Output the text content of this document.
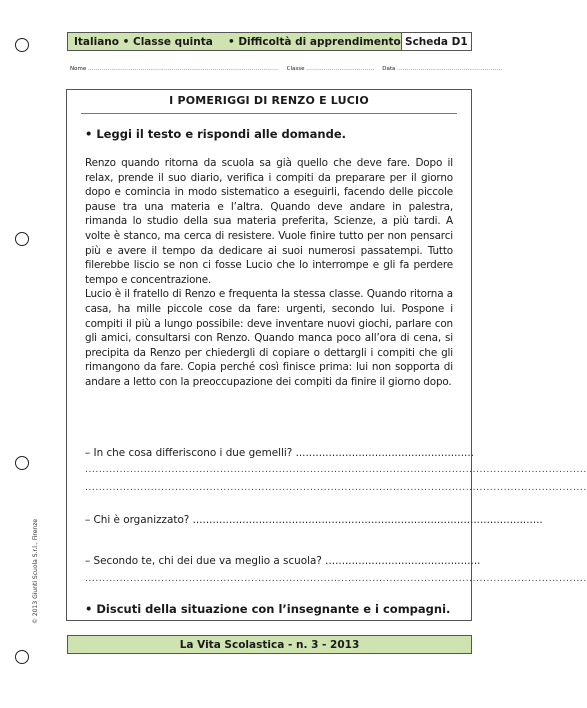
Italiano • Classe quinta	• Difficoltà di apprendimento Scheda D1
Nome .................................................................................................. Classe ................................... Data ......................................................
I POMERIGGI DI RENZO E LUCIO
• Leggi il testo e rispondi alle domande.

Renzo quando ritorna da scuola sa già quello che deve fare. Dopo il relax, prende il suo diario, verifica i compiti da preparare per il giorno dopo e comincia in modo sistematico a eseguirli, facendo delle piccole pause tra una materia e l’altra. Quando deve andare in palestra, rimanda lo studio della sua materia preferita, Scienze, a più tardi. A volte è stanco, ma cerca di resistere. Vuole finire tutto per non pensarci più e avere il tempo da dedicare ai suoi numerosi passatempi. Tutto filerebbe liscio se non ci fosse Lucio che lo interrompe e gli fa perdere tempo e concentrazione.

Lucio è il fratello di Renzo e frequenta la stessa classe. Quando ritorna a casa, ha mille piccole cose da fare: urgenti, secondo lui. Pospone i compiti il più a lungo possibile: deve inventare nuovi giochi, parlare con gli amici, consultarsi con Renzo. Quando manca poco all’ora di cena, si precipita da Renzo per chiedergli di copiare o dettargli i compiti che gli rimangono da fare. Copia perché così finisce prima: lui non sopporta di andare a letto con la preoccupazione dei compiti da finire il giorno dopo.

– In che cosa differiscono i due gemelli? ......................................................
.................................................................................................................................................
.................................................................................................................................................
– Chi è organizzato? ..........................................................................................................
– Secondo te, chi dei due va meglio a scuola? ...............................................
.................................................................................................................................................
• Discuti della situazione con l’insegnante e i compagni.
© 2013 Giunti Scuola S.r.l., Firenze
La Vita Scolastica - n. 3 - 2013
